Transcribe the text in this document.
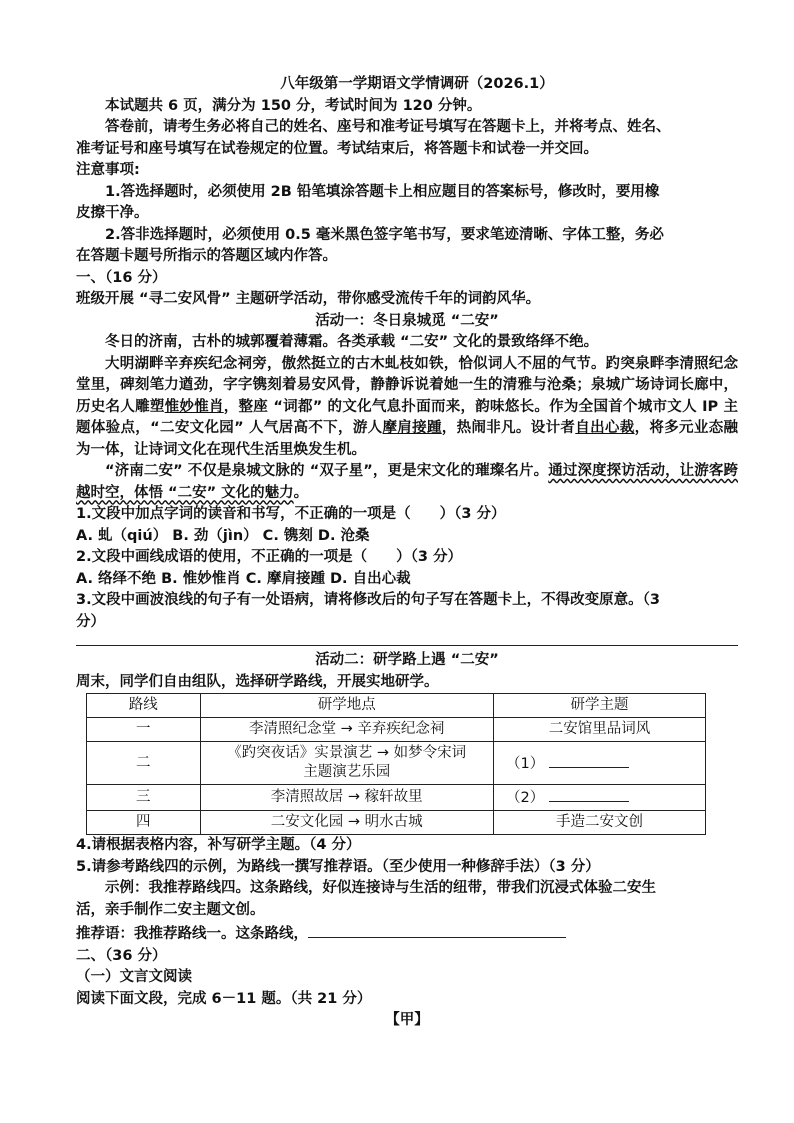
八年级第一学期语文学情调研（2026.1）
本试题共 6 页，满分为 150 分，考试时间为 120 分钟。
答卷前，请考生务必将自己的姓名、座号和准考证号填写在答题卡上，并将考点、姓名、
准考证号和座号填写在试卷规定的位置。考试结束后，将答题卡和试卷一并交回。
注意事项:
1.答选择题时，必须使用 2B 铅笔填涂答题卡上相应题目的答案标号，修改时，要用橡
皮擦干净。
2.答非选择题时，必须使用 0.5 毫米黑色签字笔书写，要求笔迹清晰、字体工整，务必
在答题卡题号所指示的答题区域内作答。
一、（16 分）
班级开展 “寻二安风骨” 主题研学活动，带你感受流传千年的词韵风华。
活动一：冬日泉城觅 “二安”
冬日的济南，古朴的城郭覆着薄霜。各类承载 “二安” 文化的景致络绎不绝。
大明湖畔辛弃疾纪念祠旁，傲然挺立的古木虬枝如铁，恰似词人不屈的气节。趵突泉畔李清照纪念堂里，碑刻笔力遒劲，字字镌刻着易安风骨，静静诉说着她一生的清雅与沧桑；泉城广场诗词长廊中，历史名人雕塑惟妙惟肖，整座 “词都” 的文化气息扑面而来，韵味悠长。作为全国首个城市文人 IP 主题体验点，“二安文化园” 人气居高不下，游人摩肩接踵，热闹非凡。设计者自出心裁，将多元业态融为一体，让诗词文化在现代生活里焕发生机。
“济南二安” 不仅是泉城文脉的 “双子星”，更是宋文化的璀璨名片。通过深度探访活动，让游客跨越时空，体悟 “二安” 文化的魅力。
1.文段中加点字词的读音和书写，不正确的一项是（　　）（3 分）
A. 虬（qiú） B. 劲（jìn） C. 镌刻 D. 沧桑
2.文段中画线成语的使用，不正确的一项是（　　）（3 分）
A. 络绎不绝 B. 惟妙惟肖 C. 摩肩接踵 D. 自出心裁
3.文段中画波浪线的句子有一处语病，请将修改后的句子写在答题卡上，不得改变原意。（3
分）
活动二：研学路上遇 “二安”
周末，同学们自由组队，选择研学路线，开展实地研学。
路线	研学地点	研学主题
一	李清照纪念堂 → 辛弃疾纪念祠	二安馆里品词风
二	《趵突夜话》实景演艺 → 如梦令宋词
主题演艺乐园	（1）
三	李清照故居 → 稼轩故里	（2）
四	二安文化园 → 明水古城	手造二安文创
4.请根据表格内容，补写研学主题。（4 分）
5.请参考路线四的示例，为路线一撰写推荐语。（至少使用一种修辞手法）（3 分）
示例：我推荐路线四。这条路线，好似连接诗与生活的纽带，带我们沉浸式体验二安生
活，亲手制作二安主题文创。
推荐语：我推荐路线一。这条路线，
二、（36 分）
（一）文言文阅读
阅读下面文段，完成 6－11 题。（共 21 分）
【甲】
